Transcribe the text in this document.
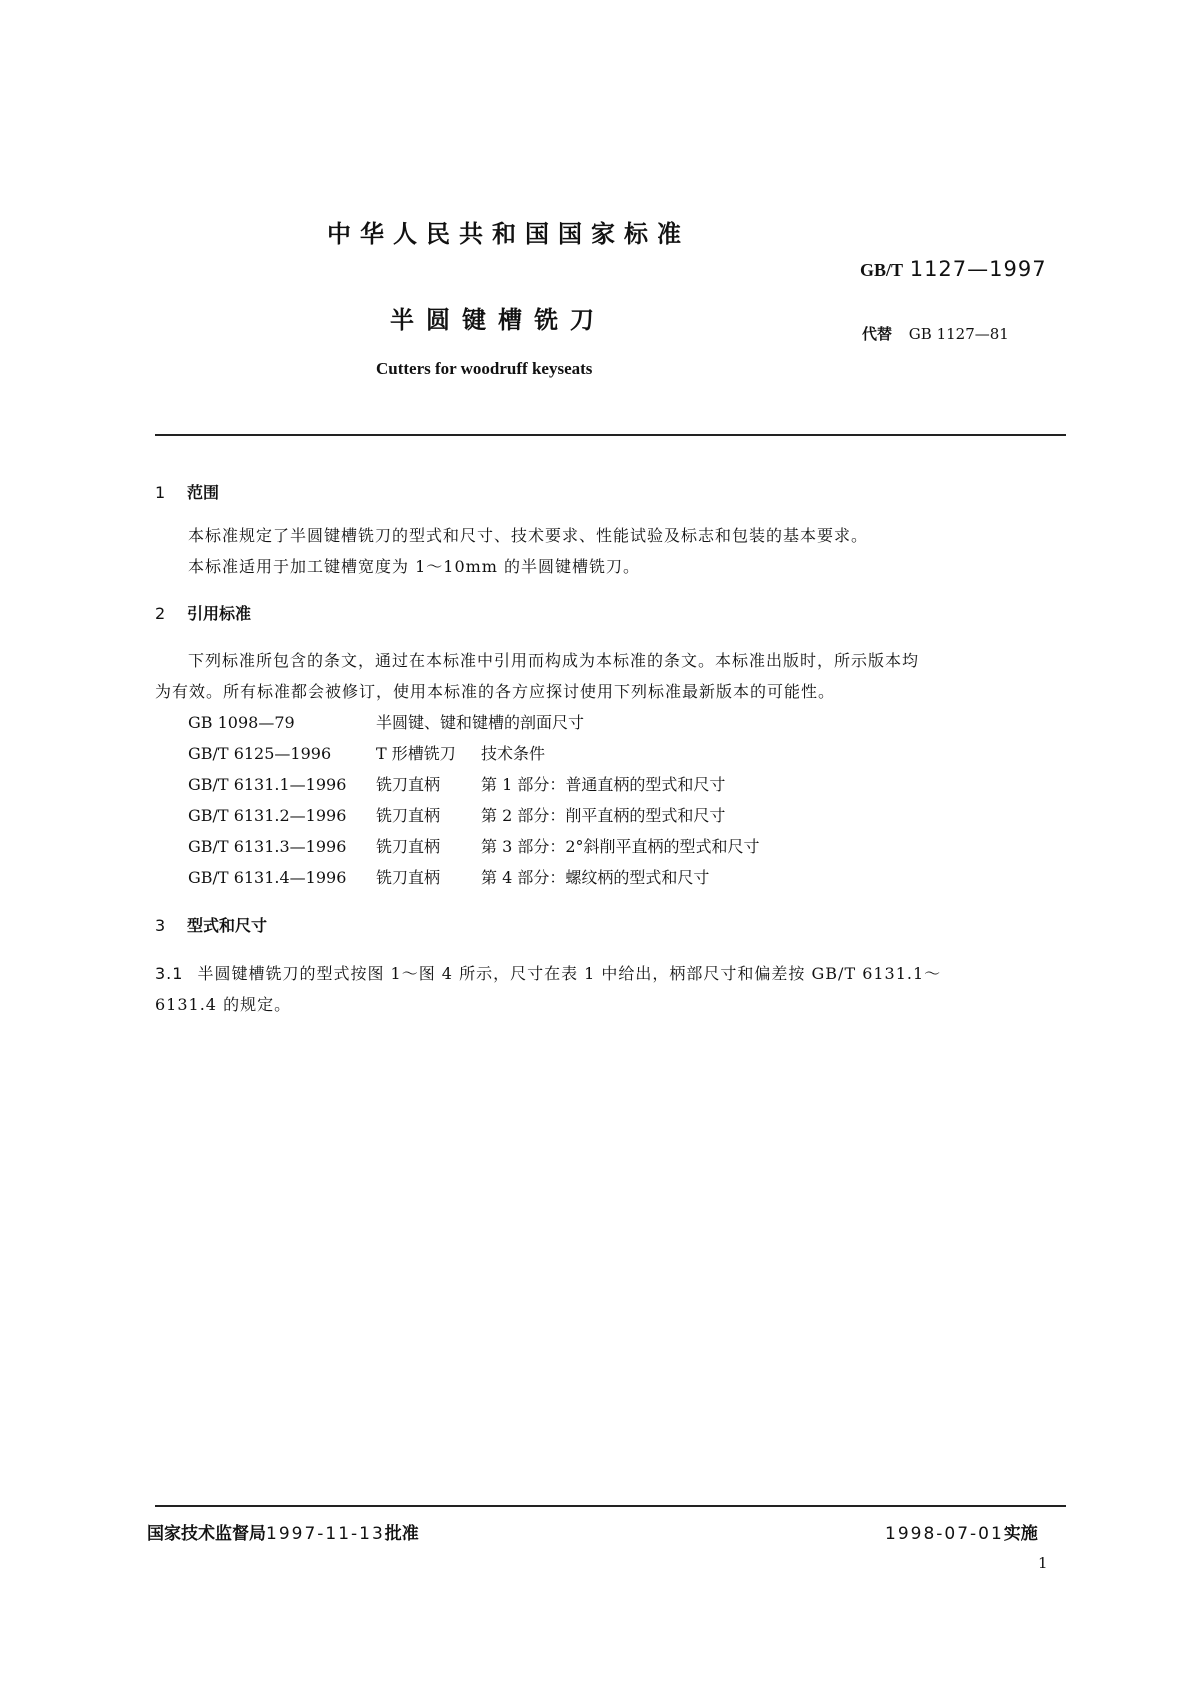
中华人民共和国国家标准
GB/T 1127—1997
半圆键槽铣刀	代替 GB 1127—81
Cutters for woodruff keyseats
1 范围
本标准规定了半圆键槽铣刀的型式和尺寸、技术要求、性能试验及标志和包装的基本要求。
本标准适用于加工键槽宽度为 1～10mm 的半圆键槽铣刀。
2 引用标准
下列标准所包含的条文，通过在本标准中引用而构成为本标准的条文。本标准出版时，所示版本均
为有效。所有标准都会被修订，使用本标准的各方应探讨使用下列标准最新版本的可能性。
GB 1098—79	半圆键、键和键槽的剖面尺寸
GB/T 6125—1996	T 形槽铣刀 技术条件
GB/T 6131.1—1996 铣刀直柄	第 1 部分：普通直柄的型式和尺寸
GB/T 6131.2—1996 铣刀直柄	第 2 部分：削平直柄的型式和尺寸
GB/T 6131.3—1996 铣刀直柄	第 3 部分：2°斜削平直柄的型式和尺寸
GB/T 6131.4—1996 铣刀直柄	第 4 部分：螺纹柄的型式和尺寸
3 型式和尺寸
3.1 半圆键槽铣刀的型式按图 1～图 4 所示，尺寸在表 1 中给出，柄部尺寸和偏差按 GB/T 6131.1～
6131.4 的规定。
国家技术监督局1997-11-13批准	1998-07-01实施
1
